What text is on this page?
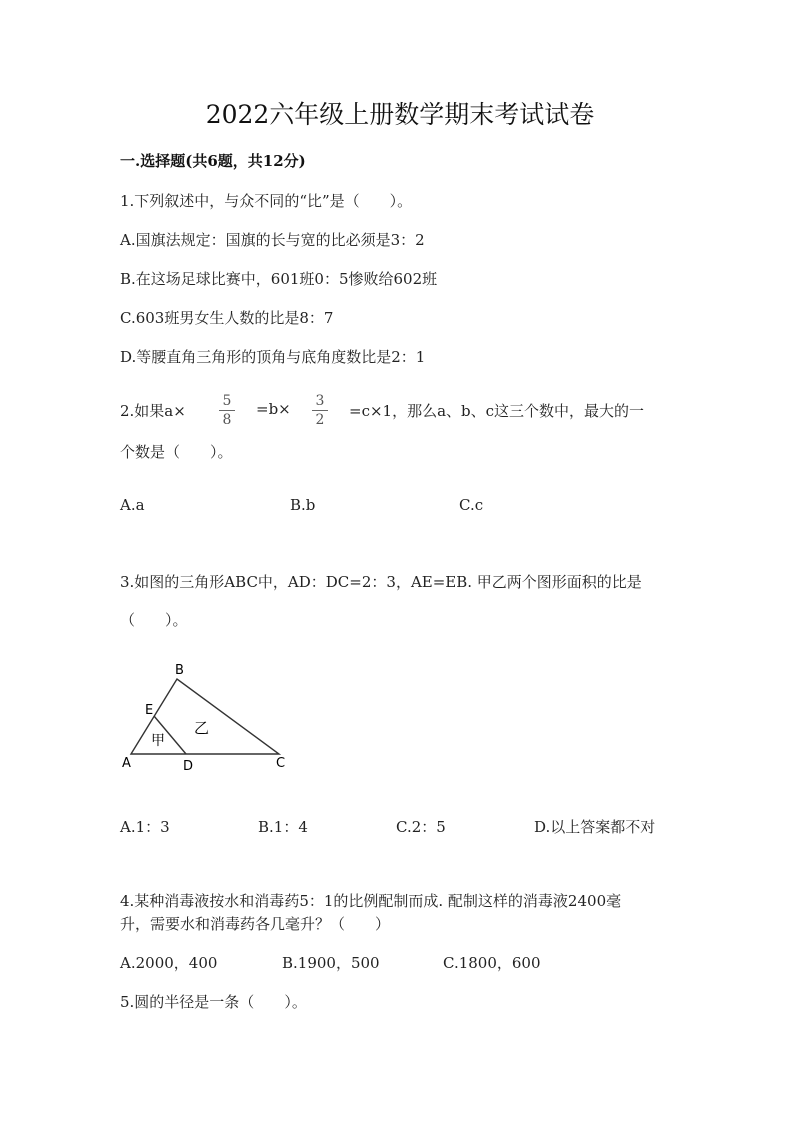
2022六年级上册数学期末考试试卷
一.选择题(共6题，共12分)
1.下列叙述中，与众不同的“比”是（　　）。
A.国旗法规定：国旗的长与宽的比必须是3：2
B.在这场足球比赛中，601班0：5惨败给602班
C.603班男女生人数的比是8：7
D.等腰直角三角形的顶角与底角度数比是2：1
2.如果a×
5
8
=b×	3
2	=c×1，那么a、b、c这三个数中，最大的一
个数是（　　）。
A.a	B.b	C.c
3.如图的三角形ABC中，AD：DC=2：3，AE=EB. 甲乙两个图形面积的比是
（　　）。
B
E
A	D	C
甲
乙
A.1：3	B.1：4	C.2：5	D.以上答案都不对
4.某种消毒液按水和消毒药5：1的比例配制而成. 配制这样的消毒液2400毫
升，需要水和消毒药各几毫升？（　　）
A.2000，400	B.1900，500	C.1800，600
5.圆的半径是一条（　　）。
